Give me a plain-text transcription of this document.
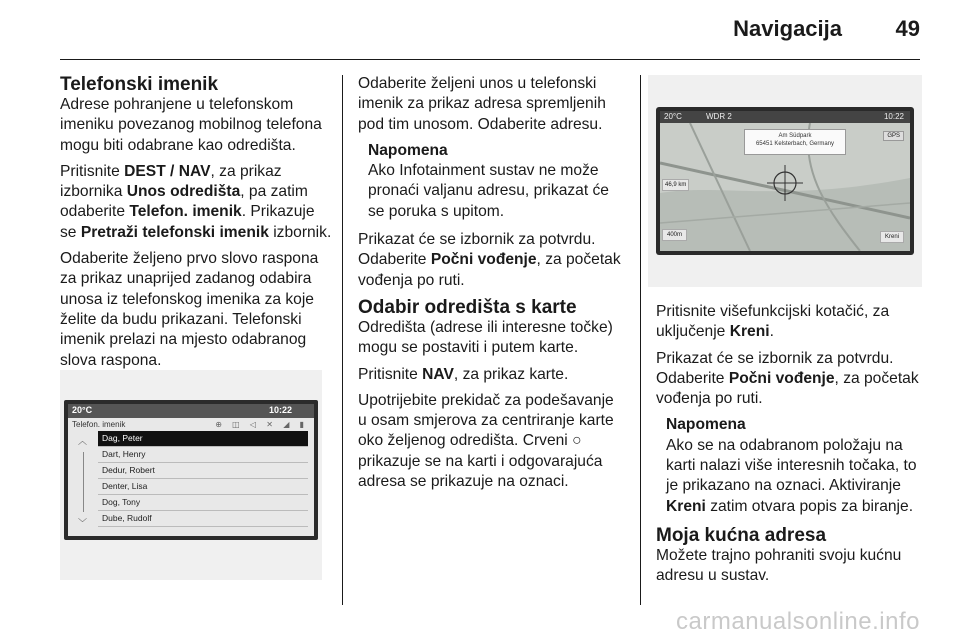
Navigacija 49
Telefonski imenik

Adrese pohranjene u telefonskom imeniku povezanog mobilnog telefona mogu biti odabrane kao odredišta.

Pritisnite DEST / NAV, za prikaz izbornika Unos odredišta, pa zatim odaberite Telefon. imenik. Prikazuje se Pretraži telefonski imenik izbornik.

Odaberite željeno prvo slovo raspona za prikaz unaprijed zadanog odabira unosa iz telefonskog imenika za koje želite da budu prikazani. Telefonski imenik prelazi na mjesto odabranog slova raspona.

20°C	10:22
Telefon. imenik	⊕ ◫ ◁ ✕ ◢ ▮
︿
﹀
Dag, Peter
Dart, Henry
Dedur, Robert
Denter, Lisa
Dog, Tony
Dube, Rudolf

Odaberite željeni unos u telefonski imenik za prikaz adresa spremljenih pod tim unosom. Odaberite adresu.

Napomena
Ako Infotainment sustav ne može pronaći valjanu adresu, prikazat će se poruka s upitom.

Prikazat će se izbornik za potvrdu. Odaberite Počni vođenje, za početak vođenja po ruti.

Odabir odredišta s karte

Odredišta (adrese ili interesne točke) mogu se postaviti i putem karte.

Pritisnite NAV, za prikaz karte.

Upotrijebite prekidač za podešavanje u osam smjerova za centriranje karte oko željenog odredišta. Crveni ○ prikazuje se na karti i odgovarajuća adresa se prikazuje na oznaci.

20°C	WDR 2	10:22
Am Südpark
65451 Kelsterbach, Germany
GPS
46,9 km
400m	Kreni

Pritisnite višefunkcijski kotačić, za uključenje Kreni.

Prikazat će se izbornik za potvrdu. Odaberite Počni vođenje, za početak vođenja po ruti.

Napomena
Ako se na odabranom položaju na karti nalazi više interesnih točaka, to je prikazano na oznaci. Aktiviranje Kreni zatim otvara popis za biranje.
Moja kućna adresa

Možete trajno pohraniti svoju kućnu adresu u sustav.

carmanualsonline.info
